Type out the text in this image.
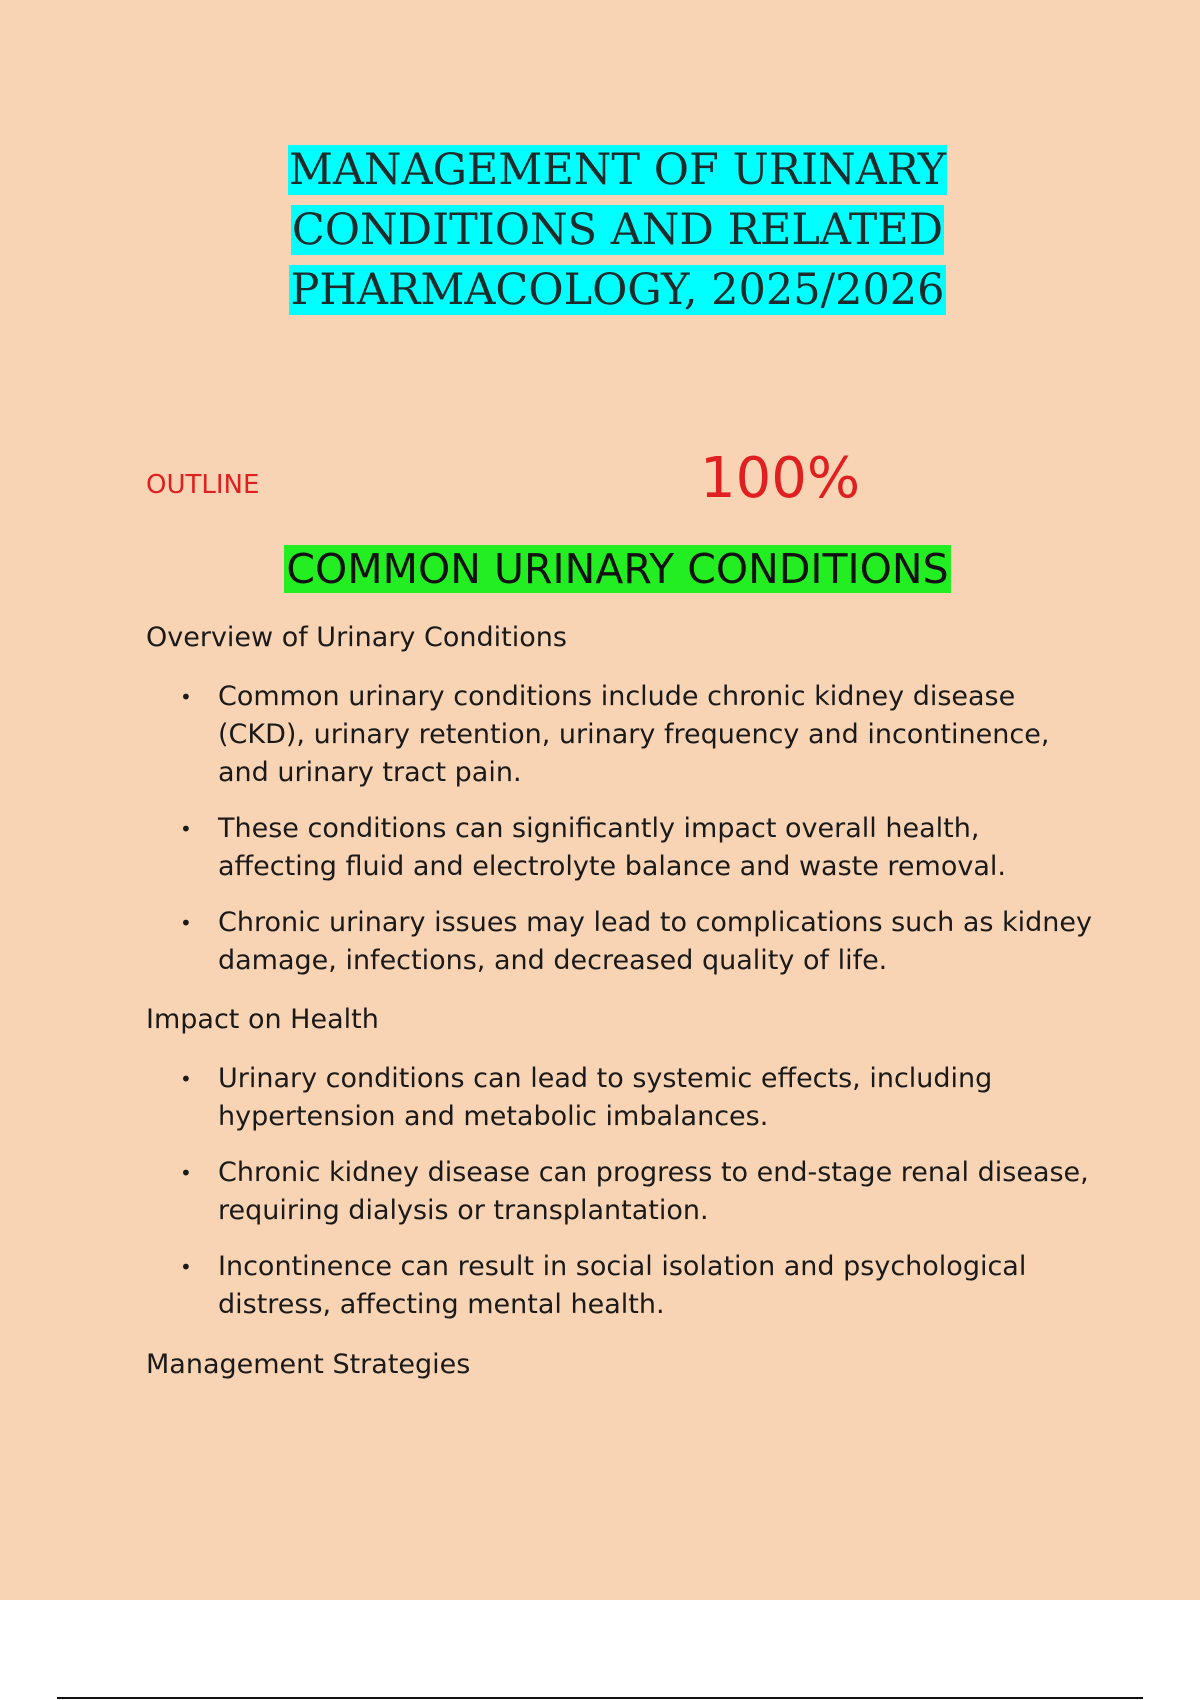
MANAGEMENT OF URINARY
CONDITIONS AND RELATED
PHARMACOLOGY, 2025/2026
OUTLINE	100%
COMMON URINARY CONDITIONS
Overview of Urinary Conditions
• Common urinary conditions include chronic kidney disease (CKD), urinary retention, urinary frequency and incontinence, and urinary tract pain.
• These conditions can significantly impact overall health, affecting fluid and electrolyte balance and waste removal.
• Chronic urinary issues may lead to complications such as kidney damage, infections, and decreased quality of life.
Impact on Health
• Urinary conditions can lead to systemic effects, including hypertension and metabolic imbalances.
• Chronic kidney disease can progress to end-stage renal disease, requiring dialysis or transplantation.
• Incontinence can result in social isolation and psychological distress, affecting mental health.
Management Strategies
